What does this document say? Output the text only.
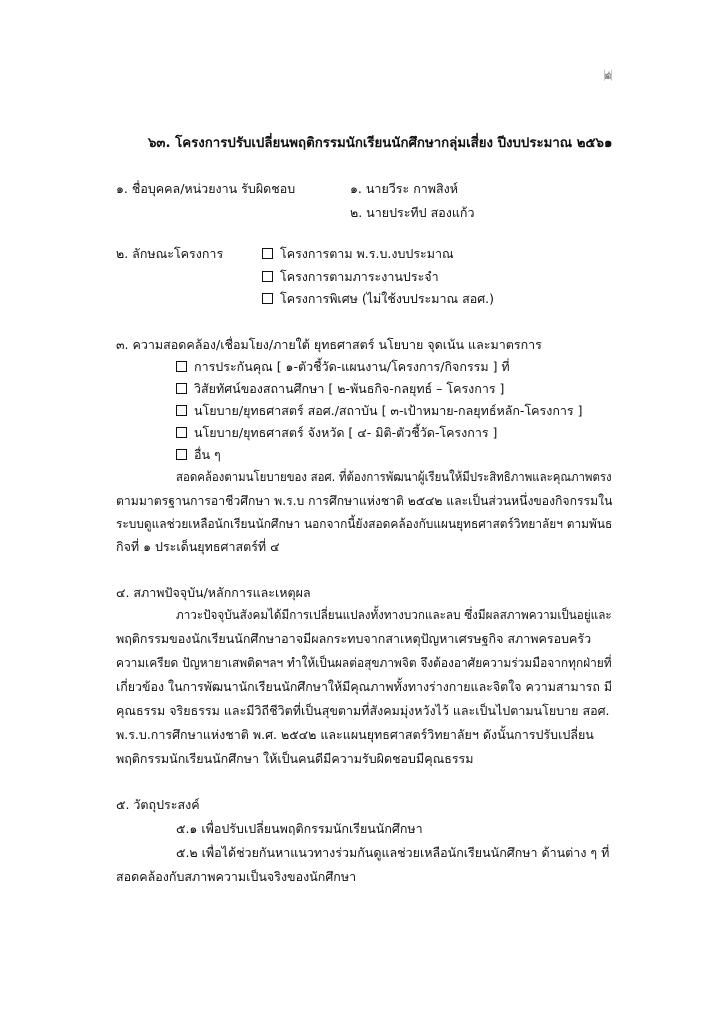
(๑๘๖)
๖๓. โครงการปรับเปลี่ยนพฤติกรรมนักเรียนนักศึกษากลุ่มเสี่ยง ปีงบประมาณ ๒๕๖๑
๑. ชื่อบุคคล/หน่วยงาน รับผิดชอบ	๑. นายวีระ กาพสิงห์
๒. นายประทีป สองแก้ว
๒. ลักษณะโครงการ	โครงการตาม พ.ร.บ.งบประมาณ
โครงการตามภาระงานประจำ
โครงการพิเศษ (ไม่ใช้งบประมาณ สอศ.)
๓. ความสอดคล้อง/เชื่อมโยง/ภายใต้ ยุทธศาสตร์ นโยบาย จุดเน้น และมาตรการ
การประกันคุณ [ ๑-ตัวชี้วัด-แผนงาน/โครงการ/กิจกรรม ] ที่
วิสัยทัศน์ของสถานศึกษา [ ๒-พันธกิจ-กลยุทธ์ – โครงการ ]
นโยบาย/ยุทธศาสตร์ สอศ./สถาบัน [ ๓-เป้าหมาย-กลยุทธ์หลัก-โครงการ ]
นโยบาย/ยุทธศาสตร์ จังหวัด [ ๔- มิติ-ตัวชี้วัด-โครงการ ]
อื่น ๆ
สอดคล้องตามนโยบายของ สอศ. ที่ต้องการพัฒนาผู้เรียนให้มีประสิทธิภาพและคุณภาพตรง
ตามมาตรฐานการอาชีวศึกษา พ.ร.บ การศึกษาแห่งชาติ ๒๕๔๒ และเป็นส่วนหนึ่งของกิจกรรมใน
ระบบดูแลช่วยเหลือนักเรียนนักศึกษา นอกจากนี้ยังสอดคล้องกับแผนยุทธศาสตร์วิทยาลัยฯ ตามพันธ
กิจที่ ๑ ประเด็นยุทธศาสตร์ที่ ๔
๔. สภาพปัจจุบัน/หลักการและเหตุผล
ภาวะปัจจุบันสังคมได้มีการเปลี่ยนแปลงทั้งทางบวกและลบ ซึ่งมีผลสภาพความเป็นอยู่และ
พฤติกรรมของนักเรียนนักศึกษาอาจมีผลกระทบจากสาเหตุปัญหาเศรษฐกิจ สภาพครอบครัว
ความเครียด ปัญหายาเสพติดฯลฯ ทำให้เป็นผลต่อสุขภาพจิต จึงต้องอาศัยความร่วมมือจากทุกฝ่ายที่
เกี่ยวข้อง ในการพัฒนานักเรียนนักศึกษาให้มีคุณภาพทั้งทางร่างกายและจิตใจ ความสามารถ มี
คุณธรรม จริยธรรม และมีวิถีชีวิตที่เป็นสุขตามที่สังคมมุ่งหวังไว้ และเป็นไปตามนโยบาย สอศ.
พ.ร.บ.การศึกษาแห่งชาติ พ.ศ. ๒๕๔๒ และแผนยุทธศาสตร์วิทยาลัยฯ ดังนั้นการปรับเปลี่ยน
พฤติกรรมนักเรียนนักศึกษา ให้เป็นคนดีมีความรับผิดชอบมีคุณธรรม
๕. วัตถุประสงค์
๕.๑ เพื่อปรับเปลี่ยนพฤติกรรมนักเรียนนักศึกษา
๕.๒ เพื่อได้ช่วยกันหาแนวทางร่วมกันดูแลช่วยเหลือนักเรียนนักศึกษา ด้านต่าง ๆ ที่
สอดคล้องกับสภาพความเป็นจริงของนักศึกษา
